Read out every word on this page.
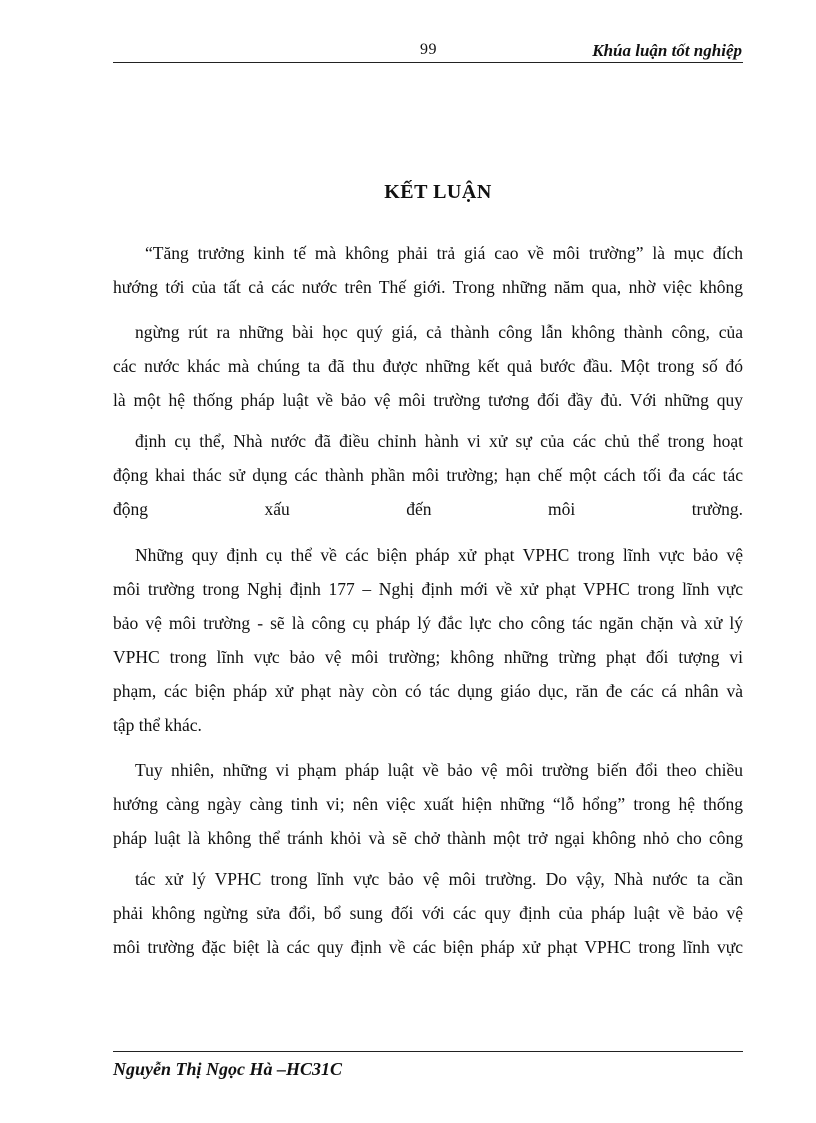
99	Khúa luận tốt nghiệp
KẾT LUẬN
“Tăng trưởng kinh tế mà không phải trả giá cao về môi trường” là mục đích
hướng tới của tất cả các nước trên Thế giới. Trong những năm qua, nhờ việc không
ngừng rút ra những bài học quý giá, cả thành công lẫn không thành công, của
các nước khác mà chúng ta đã thu được những kết quả bước đầu. Một trong số đó
là một hệ thống pháp luật về bảo vệ môi trường tương đối đầy đủ. Với những quy
định cụ thể, Nhà nước đã điều chỉnh hành vi xử sự của các chủ thể trong hoạt
động khai thác sử dụng các thành phần môi trường; hạn chế một cách tối đa các tác
động xấu đến môi trường.
Những quy định cụ thể về các biện pháp xử phạt VPHC trong lĩnh vực bảo vệ
môi trường trong Nghị định 177 – Nghị định mới về xử phạt VPHC trong lĩnh vực
bảo vệ môi trường - sẽ là công cụ pháp lý đắc lực cho công tác ngăn chặn và xử lý
VPHC trong lĩnh vực bảo vệ môi trường; không những trừng phạt đối tượng vi
phạm, các biện pháp xử phạt này còn có tác dụng giáo dục, răn đe các cá nhân và
tập thể khác.
Tuy nhiên, những vi phạm pháp luật về bảo vệ môi trường biến đổi theo chiều
hướng càng ngày càng tinh vi; nên việc xuất hiện những “lỗ hổng” trong hệ thống
pháp luật là không thể tránh khỏi và sẽ chở thành một trở ngại không nhỏ cho công
tác xử lý VPHC trong lĩnh vực bảo vệ môi trường. Do vậy, Nhà nước ta cần
phải không ngừng sửa đổi, bổ sung đối với các quy định của pháp luật về bảo vệ
môi trường đặc biệt là các quy định về các biện pháp xử phạt VPHC trong lĩnh vực
Nguyễn Thị Ngọc Hà –HC31C
